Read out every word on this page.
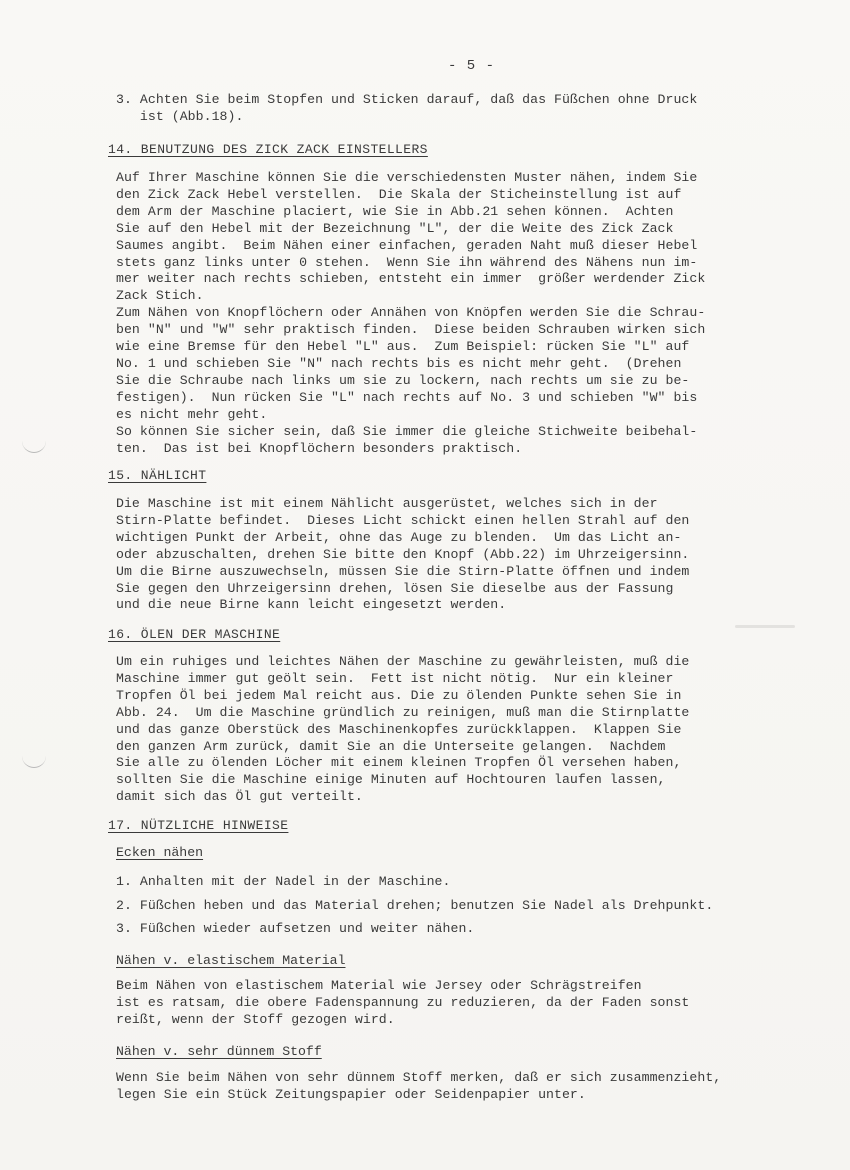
- 5 -
3. Achten Sie beim Stopfen und Sticken darauf, daß das Füßchen ohne Druck
ist (Abb.18).
14. BENUTZUNG DES ZICK ZACK EINSTELLERS
Auf Ihrer Maschine können Sie die verschiedensten Muster nähen, indem Sie
den Zick Zack Hebel verstellen.  Die Skala der Sticheinstellung ist auf
dem Arm der Maschine placiert, wie Sie in Abb.21 sehen können.  Achten
Sie auf den Hebel mit der Bezeichnung "L", der die Weite des Zick Zack
Saumes angibt.  Beim Nähen einer einfachen, geraden Naht muß dieser Hebel
stets ganz links unter 0 stehen.  Wenn Sie ihn während des Nähens nun im-
mer weiter nach rechts schieben, entsteht ein immer  größer werdender Zick
Zack Stich.
Zum Nähen von Knopflöchern oder Annähen von Knöpfen werden Sie die Schrau-
ben "N" und "W" sehr praktisch finden.  Diese beiden Schrauben wirken sich
wie eine Bremse für den Hebel "L" aus.  Zum Beispiel: rücken Sie "L" auf
No. 1 und schieben Sie "N" nach rechts bis es nicht mehr geht.  (Drehen
Sie die Schraube nach links um sie zu lockern, nach rechts um sie zu be-
festigen).  Nun rücken Sie "L" nach rechts auf No. 3 und schieben "W" bis
es nicht mehr geht.
So können Sie sicher sein, daß Sie immer die gleiche Stichweite beibehal-
ten.  Das ist bei Knopflöchern besonders praktisch.
15. NÄHLICHT
Die Maschine ist mit einem Nählicht ausgerüstet, welches sich in der
Stirn-Platte befindet.  Dieses Licht schickt einen hellen Strahl auf den
wichtigen Punkt der Arbeit, ohne das Auge zu blenden.  Um das Licht an-
oder abzuschalten, drehen Sie bitte den Knopf (Abb.22) im Uhrzeigersinn.
Um die Birne auszuwechseln, müssen Sie die Stirn-Platte öffnen und indem
Sie gegen den Uhrzeigersinn drehen, lösen Sie dieselbe aus der Fassung
und die neue Birne kann leicht eingesetzt werden.
16. ÖLEN DER MASCHINE
Um ein ruhiges und leichtes Nähen der Maschine zu gewährleisten, muß die
Maschine immer gut geölt sein.  Fett ist nicht nötig.  Nur ein kleiner
Tropfen Öl bei jedem Mal reicht aus. Die zu ölenden Punkte sehen Sie in
Abb. 24.  Um die Maschine gründlich zu reinigen, muß man die Stirnplatte
und das ganze Oberstück des Maschinenkopfes zurückklappen.  Klappen Sie
den ganzen Arm zurück, damit Sie an die Unterseite gelangen.  Nachdem
Sie alle zu ölenden Löcher mit einem kleinen Tropfen Öl versehen haben,
sollten Sie die Maschine einige Minuten auf Hochtouren laufen lassen,
damit sich das Öl gut verteilt.
17. NÜTZLICHE HINWEISE
Ecken nähen
1. Anhalten mit der Nadel in der Maschine.
2. Füßchen heben und das Material drehen; benutzen Sie Nadel als Drehpunkt.
3. Füßchen wieder aufsetzen und weiter nähen.
Nähen v. elastischem Material
Beim Nähen von elastischem Material wie Jersey oder Schrägstreifen
ist es ratsam, die obere Fadenspannung zu reduzieren, da der Faden sonst
reißt, wenn der Stoff gezogen wird.
Nähen v. sehr dünnem Stoff
Wenn Sie beim Nähen von sehr dünnem Stoff merken, daß er sich zusammenzieht,
legen Sie ein Stück Zeitungspapier oder Seidenpapier unter.
